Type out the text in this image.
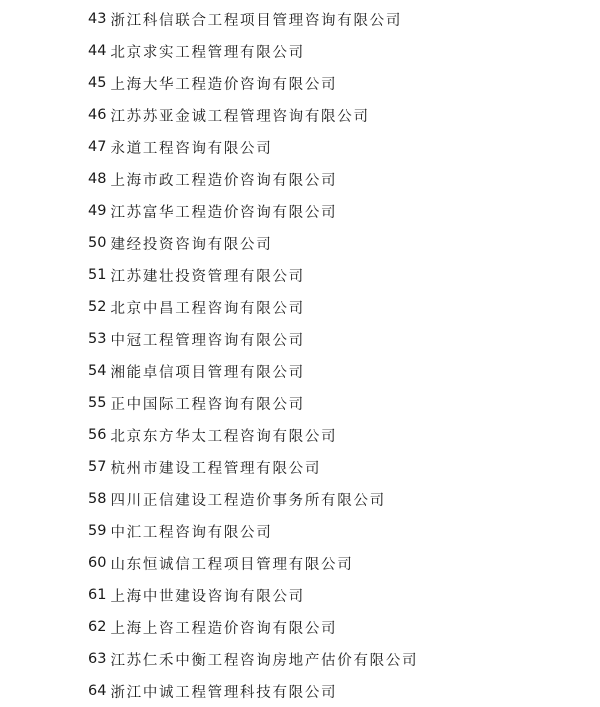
43 浙江科信联合工程项目管理咨询有限公司
44 北京求实工程管理有限公司
45 上海大华工程造价咨询有限公司
46 江苏苏亚金诚工程管理咨询有限公司
47 永道工程咨询有限公司
48 上海市政工程造价咨询有限公司
49 江苏富华工程造价咨询有限公司
50 建经投资咨询有限公司
51 江苏建壮投资管理有限公司
52 北京中昌工程咨询有限公司
53 中冠工程管理咨询有限公司
54 湘能卓信项目管理有限公司
55 正中国际工程咨询有限公司
56 北京东方华太工程咨询有限公司
57 杭州市建设工程管理有限公司
58 四川正信建设工程造价事务所有限公司
59 中汇工程咨询有限公司
60 山东恒诚信工程项目管理有限公司
61 上海中世建设咨询有限公司
62 上海上咨工程造价咨询有限公司
63 江苏仁禾中衡工程咨询房地产估价有限公司
64 浙江中诚工程管理科技有限公司
